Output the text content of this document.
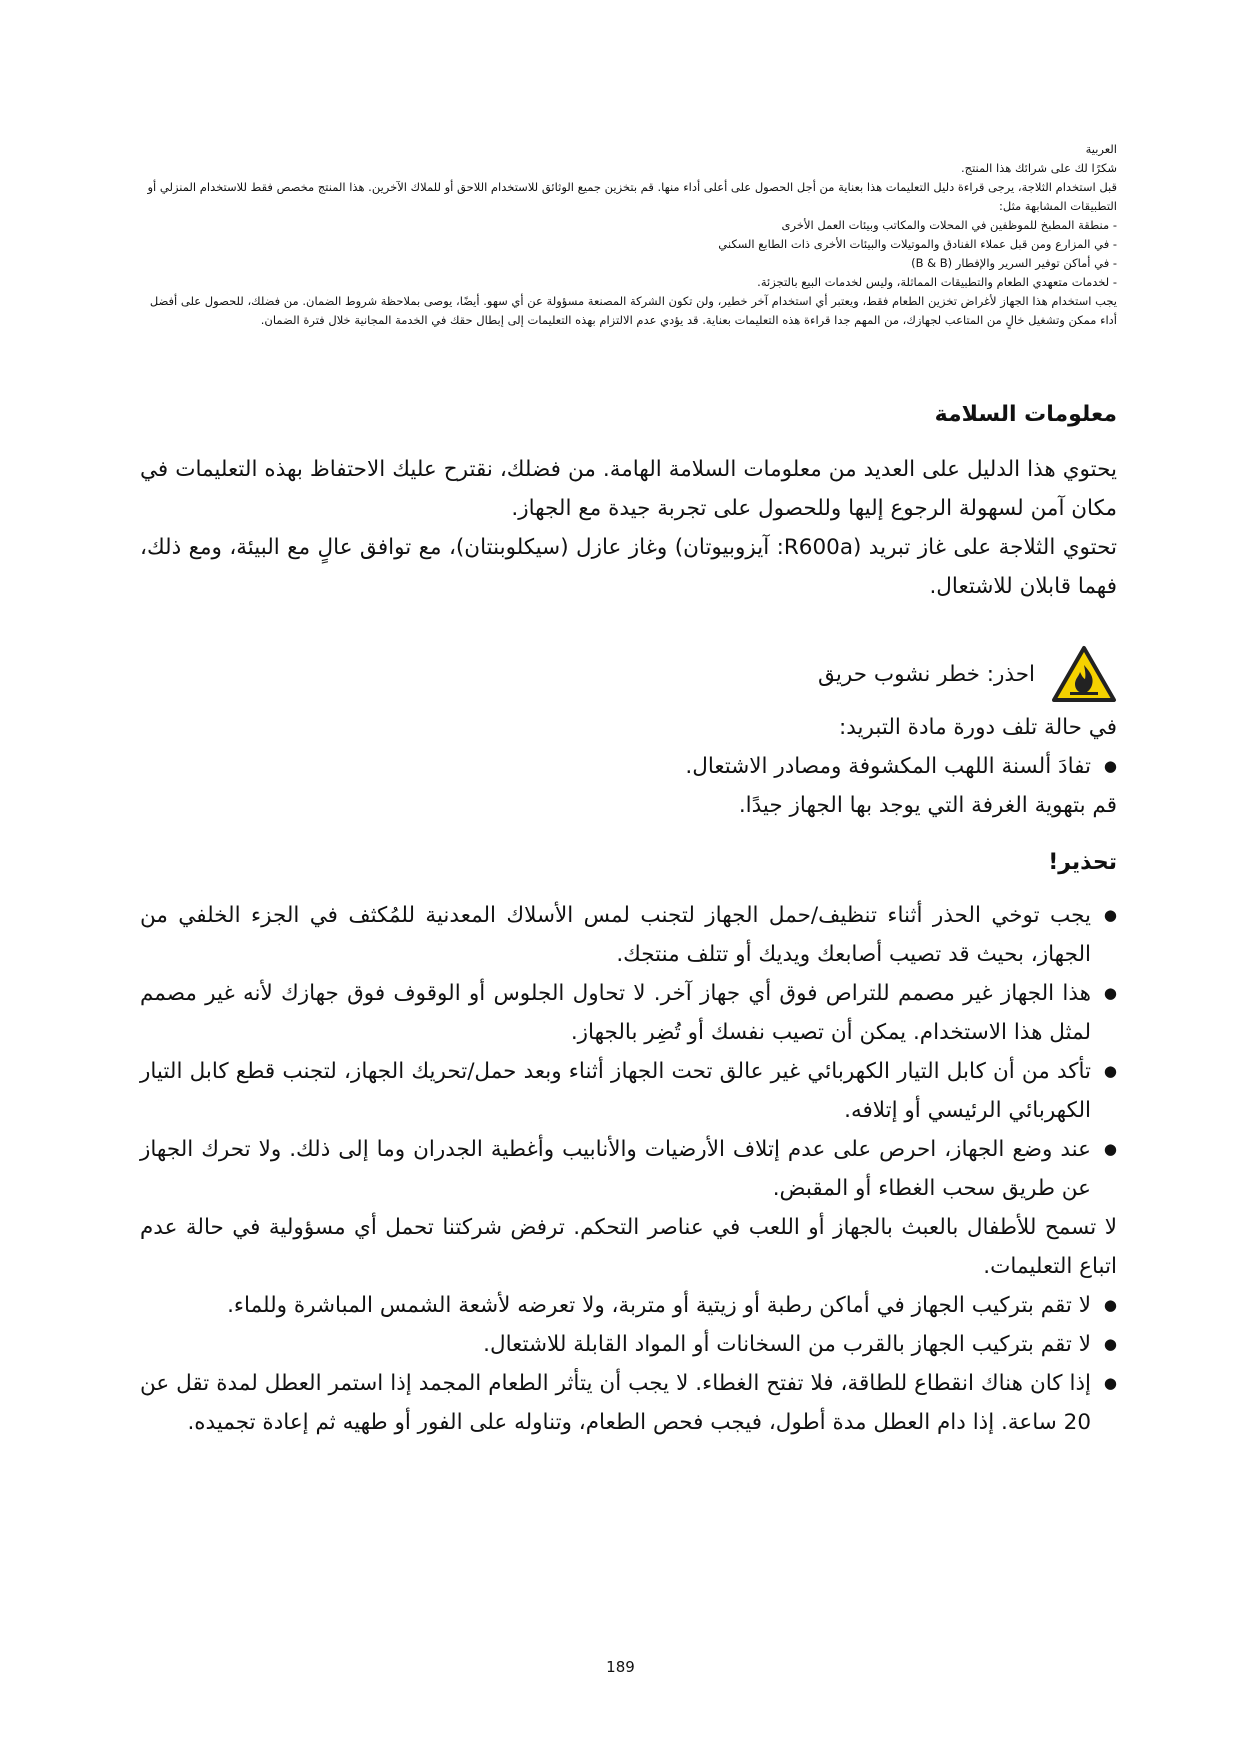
العربية

شكرًا لك على شرائك هذا المنتج.

قبل استخدام الثلاجة، يرجى قراءة دليل التعليمات هذا بعناية من أجل الحصول على أعلى أداء منها. قم بتخزين جميع الوثائق للاستخدام اللاحق أو للملاك الآخرين. هذا المنتج مخصص فقط للاستخدام المنزلي أو التطبيقات المشابهة مثل:

- منطقة المطبخ للموظفين في المحلات والمكاتب وبيئات العمل الأخرى

- في المزارع ومن قبل عملاء الفنادق والموتيلات والبيئات الأخرى ذات الطابع السكني

- في أماكن توفير السرير والإفطار (B & B)

- لخدمات متعهدي الطعام والتطبيقات المماثلة، وليس لخدمات البيع بالتجزئة.

يجب استخدام هذا الجهاز لأغراض تخزين الطعام فقط، ويعتبر أي استخدام آخر خطير، ولن تكون الشركة المصنعة مسؤولة عن أي سهو. أيضًا، يوصى بملاحظة شروط الضمان. من فضلك، للحصول على أفضل أداء ممكن وتشغيل خالٍ من المتاعب لجهازك، من المهم جدا قراءة هذه التعليمات بعناية. قد يؤدي عدم الالتزام بهذه التعليمات إلى إبطال حقك في الخدمة المجانية خلال فترة الضمان.

معلومات السلامة

يحتوي هذا الدليل على العديد من معلومات السلامة الهامة. من فضلك، نقترح عليك الاحتفاظ بهذه التعليمات في مكان آمن لسهولة الرجوع إليها وللحصول على تجربة جيدة مع الجهاز.

تحتوي الثلاجة على غاز تبريد (R600a: آيزوبيوتان) وغاز عازل (سيكلوبنتان)، مع توافق عالٍ مع البيئة، ومع ذلك، فهما قابلان للاشتعال.

احذر: خطر نشوب حريق

في حالة تلف دورة مادة التبريد:

● تفادَ ألسنة اللهب المكشوفة ومصادر الاشتعال.

قم بتهوية الغرفة التي يوجد بها الجهاز جيدًا.

تحذير!
● يجب توخي الحذر أثناء تنظيف/حمل الجهاز لتجنب لمس الأسلاك المعدنية للمُكثف في الجزء الخلفي من الجهاز، بحيث قد تصيب أصابعك ويديك أو تتلف منتجك.
● هذا الجهاز غير مصمم للتراص فوق أي جهاز آخر. لا تحاول الجلوس أو الوقوف فوق جهازك لأنه غير مصمم لمثل هذا الاستخدام. يمكن أن تصيب نفسك أو تُضِر بالجهاز.
● تأكد من أن كابل التيار الكهربائي غير عالق تحت الجهاز أثناء وبعد حمل/تحريك الجهاز، لتجنب قطع كابل التيار الكهربائي الرئيسي أو إتلافه.
● عند وضع الجهاز، احرص على عدم إتلاف الأرضيات والأنابيب وأغطية الجدران وما إلى ذلك. ولا تحرك الجهاز عن طريق سحب الغطاء أو المقبض.

لا تسمح للأطفال بالعبث بالجهاز أو اللعب في عناصر التحكم. ترفض شركتنا تحمل أي مسؤولية في حالة عدم اتباع التعليمات.

● لا تقم بتركيب الجهاز في أماكن رطبة أو زيتية أو متربة، ولا تعرضه لأشعة الشمس المباشرة وللماء.
● لا تقم بتركيب الجهاز بالقرب من السخانات أو المواد القابلة للاشتعال.
● إذا كان هناك انقطاع للطاقة، فلا تفتح الغطاء. لا يجب أن يتأثر الطعام المجمد إذا استمر العطل لمدة تقل عن 20 ساعة. إذا دام العطل مدة أطول، فيجب فحص الطعام، وتناوله على الفور أو طهيه ثم إعادة تجميده.
189
